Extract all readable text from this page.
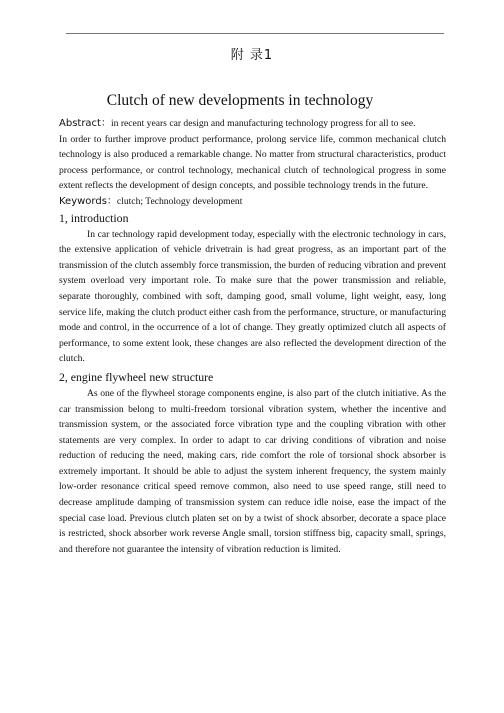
附 录1
Clutch of new developments in technology

Abstract：in recent years car design and manufacturing technology progress for all to see.

In order to further improve product performance, prolong service life, common mechanical clutch technology is also produced a remarkable change. No matter from structural characteristics, product process performance, or control technology, mechanical clutch of technological progress in some extent reflects the development of design concepts, and possible technology trends in the future.

Keywords：clutch; Technology development

1, introduction

In car technology rapid development today, especially with the electronic technology in cars, the extensive application of vehicle drivetrain is had great progress, as an important part of the transmission of the clutch assembly force transmission, the burden of reducing vibration and prevent system overload very important role. To make sure that the power transmission and reliable, separate thoroughly, combined with soft, damping good, small volume, light weight, easy, long service life, making the clutch product either cash from the performance, structure, or manufacturing mode and control, in the occurrence of a lot of change. They greatly optimized clutch all aspects of performance, to some extent look, these changes are also reflected the development direction of the clutch.

2, engine flywheel new structure

As one of the flywheel storage components engine, is also part of the clutch initiative. As the car transmission belong to multi-freedom torsional vibration system, whether the incentive and transmission system, or the associated force vibration type and the coupling vibration with other statements are very complex. In order to adapt to car driving conditions of vibration and noise reduction of reducing the need, making cars, ride comfort the role of torsional shock absorber is extremely important. It should be able to adjust the system inherent frequency, the system mainly low-order resonance critical speed remove common, also need to use speed range, still need to decrease amplitude damping of transmission system can reduce idle noise, ease the impact of the special case load. Previous clutch platen set on by a twist of shock absorber, decorate a space place is restricted, shock absorber work reverse Angle small, torsion stiffness big, capacity small, springs, and therefore not guarantee the intensity of vibration reduction is limited.
